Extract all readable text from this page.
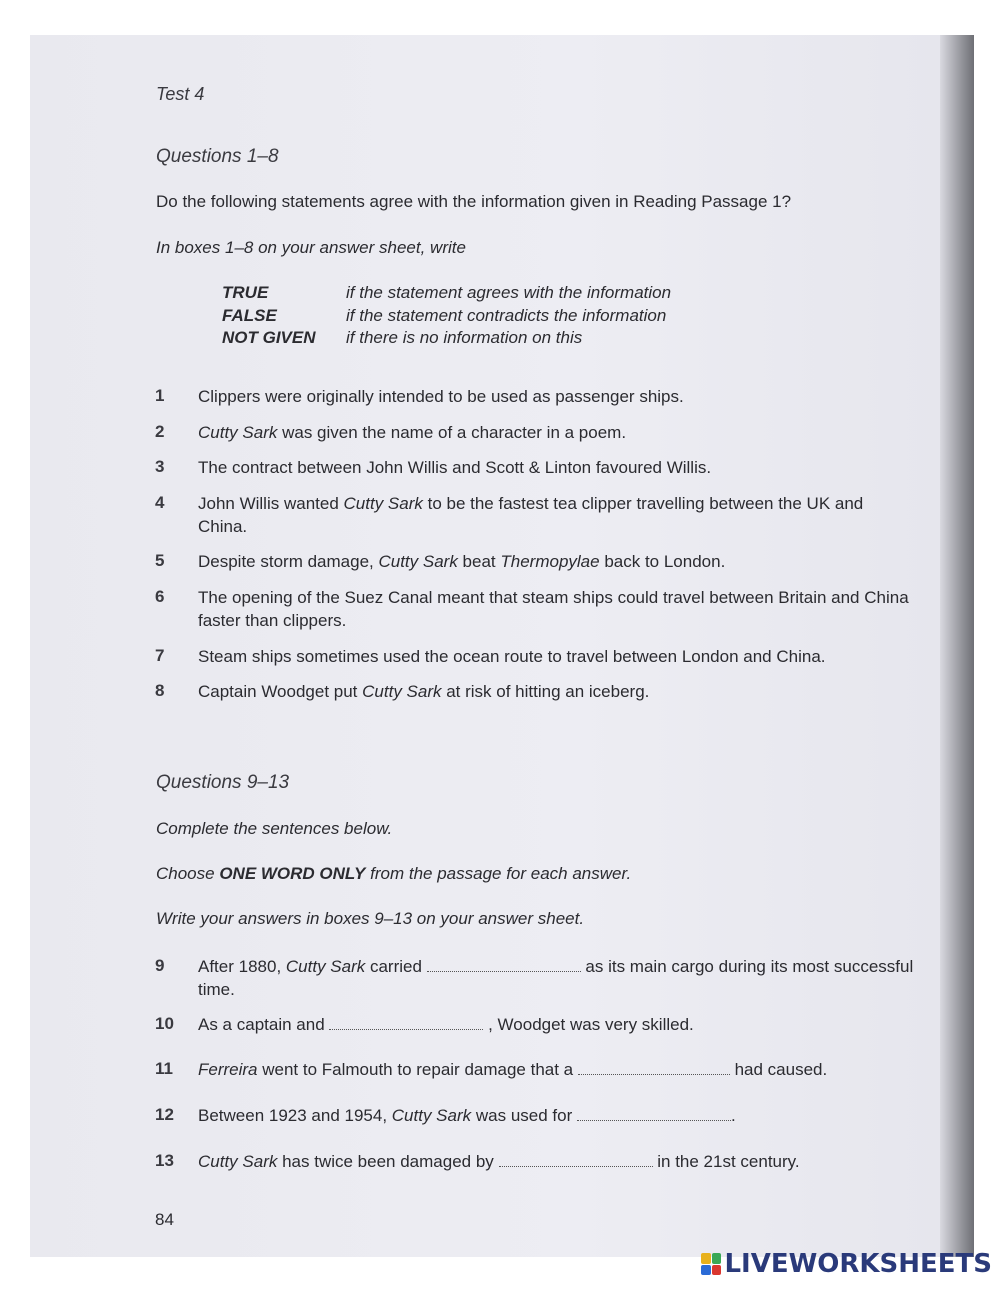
Test 4
Questions 1–8
Do the following statements agree with the information given in Reading Passage 1?
In boxes 1–8 on your answer sheet, write
TRUE	if the statement agrees with the information
FALSE	if the statement contradicts the information
NOT GIVEN if there is no information on this
1 Clippers were originally intended to be used as passenger ships.
2 Cutty Sark was given the name of a character in a poem.
3 The contract between John Willis and Scott & Linton favoured Willis.
4 John Willis wanted Cutty Sark to be the fastest tea clipper travelling between the UK and China.
5 Despite storm damage, Cutty Sark beat Thermopylae back to London.
6 The opening of the Suez Canal meant that steam ships could travel between Britain and China faster than clippers.
7 Steam ships sometimes used the ocean route to travel between London and China.
8 Captain Woodget put Cutty Sark at risk of hitting an iceberg.
Questions 9–13
Complete the sentences below.
Choose ONE WORD ONLY from the passage for each answer.
Write your answers in boxes 9–13 on your answer sheet.
9 After 1880, Cutty Sark carried	as its main cargo during its most successful time.
10 As a captain and	, Woodget was very skilled.
11 Ferreira went to Falmouth to repair damage that a	had caused.
12 Between 1923 and 1954, Cutty Sark was used for	.
13 Cutty Sark has twice been damaged by	in the 21st century.
84
LIVEWORKSHEETS
